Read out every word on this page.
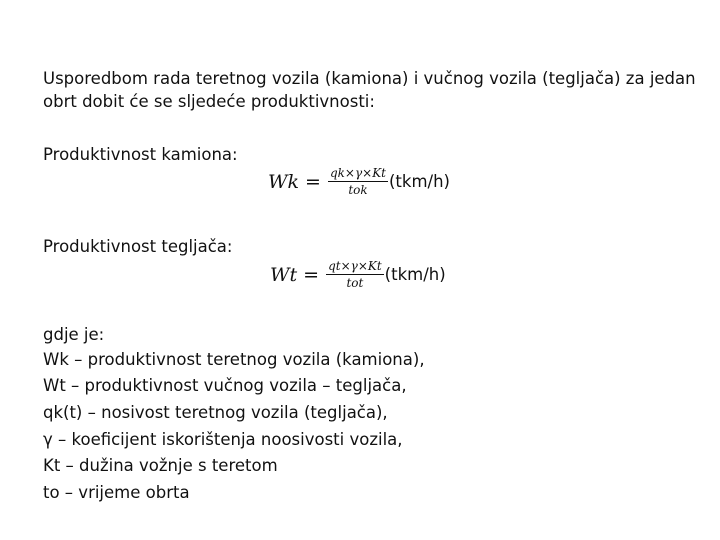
Usporedbom rada teretnog vozila (kamiona) i vučnog vozila (tegljača) za jedan

obrt dobit će se sljedeće produktivnosti:

Produktivnost kamiona:

$Wk = \frac{qk\times\gamma\times Kt}{\text{tok}} (tkm/h)$

Produktivnost tegljača:

$Wt = \frac{qt\times\gamma\times Kt}{\text{tot}} (tkm/h)$

gdje je:

Wk – produktivnost teretnog vozila (kamiona),

Wt – produktivnost vučnog vozila – tegljača,

qk(t) – nosivost teretnog vozila (tegljača),

γ – koeficijent iskorištenja noosivosti vozila,

Kt – dužina vožnje s teretom

to – vrijeme obrta
